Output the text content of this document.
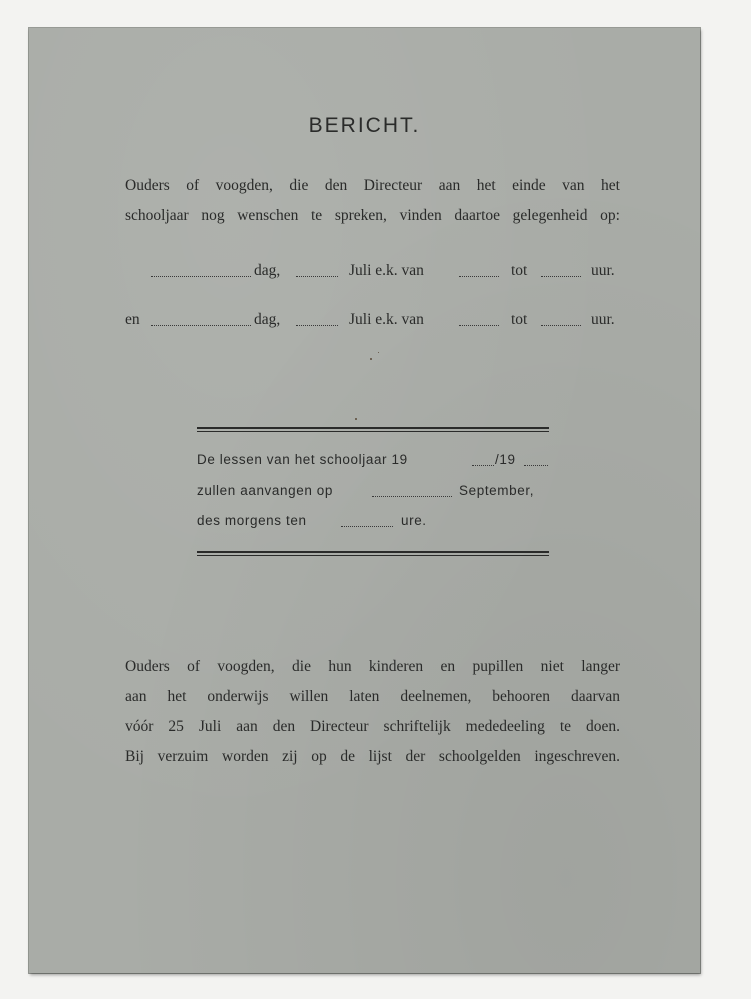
BERICHT.
Ouders of voogden, die den Directeur aan het einde van het
schooljaar nog wenschen te spreken, vinden daartoe gelegenheid op:
dag,	Juli e.k. van	tot	uur.
en	dag,	Juli e.k. van	tot	uur.
De lessen van het schooljaar 19	/19
zullen aanvangen op	September,
des morgens ten	ure.
Ouders of voogden, die hun kinderen en pupillen niet langer
aan het onderwijs willen laten deelnemen, behooren daarvan
vóór 25 Juli aan den Directeur schriftelijk mededeeling te doen.
Bij verzuim worden zij op de lijst der schoolgelden ingeschreven.
